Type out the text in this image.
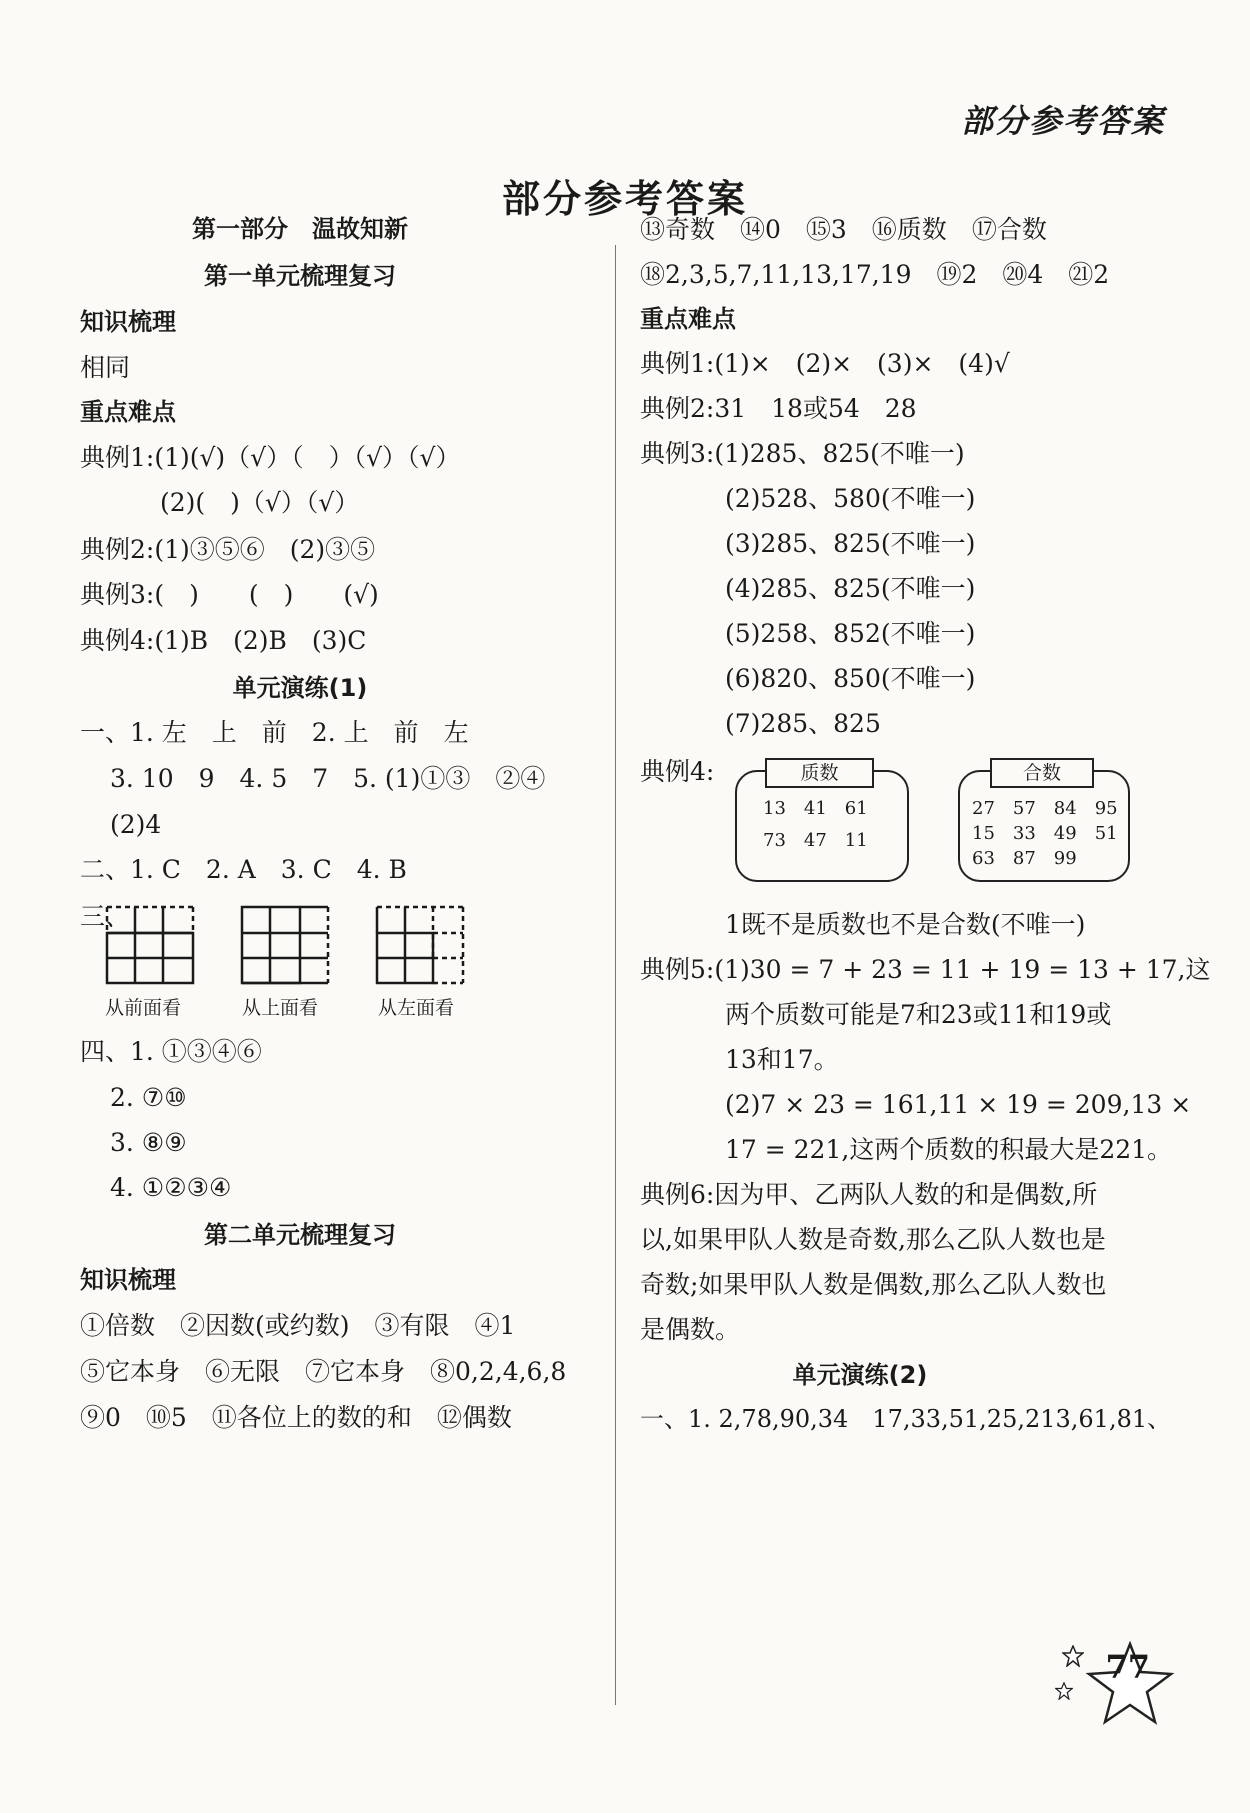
部分参考答案
部分参考答案
第一部分　温故知新
第一单元梳理复习
知识梳理
相同
重点难点
典例1:(1)(√)（√）（　）（√）（√）
(2)(　)（√）（√）
典例2:(1)③⑤⑥　(2)③⑤
典例3:(　)　　(　)　　(√)
典例4:(1)B　(2)B　(3)C
单元演练(1)
一、1. 左　上　前　2. 上　前　左
3. 10　9　4. 5　7　5. (1)①③　②④
(2)4
二、1. C　2. A　3. C　4. B
三、
从前面看	从上面看	从左面看
四、1. ①③④⑥
2. ⑦⑩
3. ⑧⑨
4. ①②③④
第二单元梳理复习
知识梳理
①倍数　②因数(或约数)　③有限　④1
⑤它本身　⑥无限　⑦它本身　⑧0,2,4,6,8
⑨0　⑩5　⑪各位上的数的和　⑫偶数
⑬奇数　⑭0　⑮3　⑯质数　⑰合数
⑱2,3,5,7,11,13,17,19　⑲2　⑳4　㉑2
重点难点
典例1:(1)×　(2)×　(3)×　(4)√
典例2:31　18或54　28
典例3:(1)285、825(不唯一)
(2)528、580(不唯一)
(3)285、825(不唯一)
(4)285、825(不唯一)
(5)258、852(不唯一)
(6)820、850(不唯一)
(7)285、825
典例4:	质数
13　41　61
73　47　11
合数
27　57　84　95
15　33　49　51
63　87　99
1既不是质数也不是合数(不唯一)
典例5:(1)30 = 7 + 23 = 11 + 19 = 13 + 17,这
两个质数可能是7和23或11和19或
13和17。
(2)7 × 23 = 161,11 × 19 = 209,13 ×
17 = 221,这两个质数的积最大是221。
典例6:因为甲、乙两队人数的和是偶数,所
以,如果甲队人数是奇数,那么乙队人数也是
奇数;如果甲队人数是偶数,那么乙队人数也
是偶数。
单元演练(2)
一、1. 2,78,90,34　17,33,51,25,213,61,81、
77
